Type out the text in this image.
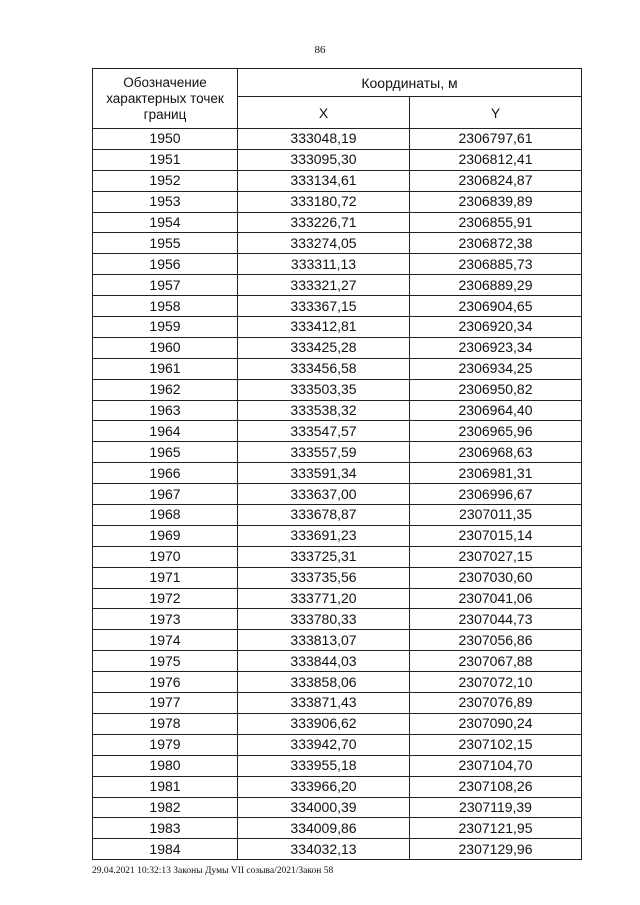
86
Обозначение характерных точек границ	Координаты, м	
	X	Y
1950	333048,19	2306797,61
1951	333095,30	2306812,41
1952	333134,61	2306824,87
1953	333180,72	2306839,89
1954	333226,71	2306855,91
1955	333274,05	2306872,38
1956	333311,13	2306885,73
1957	333321,27	2306889,29
1958	333367,15	2306904,65
1959	333412,81	2306920,34
1960	333425,28	2306923,34
1961	333456,58	2306934,25
1962	333503,35	2306950,82
1963	333538,32	2306964,40
1964	333547,57	2306965,96
1965	333557,59	2306968,63
1966	333591,34	2306981,31
1967	333637,00	2306996,67
1968	333678,87	2307011,35
1969	333691,23	2307015,14
1970	333725,31	2307027,15
1971	333735,56	2307030,60
1972	333771,20	2307041,06
1973	333780,33	2307044,73
1974	333813,07	2307056,86
1975	333844,03	2307067,88
1976	333858,06	2307072,10
1977	333871,43	2307076,89
1978	333906,62	2307090,24
1979	333942,70	2307102,15
1980	333955,18	2307104,70
1981	333966,20	2307108,26
1982	334000,39	2307119,39
1983	334009,86	2307121,95
1984	334032,13	2307129,96
29.04.2021 10:32:13 Законы Думы VII созыва/2021/Закон 58
